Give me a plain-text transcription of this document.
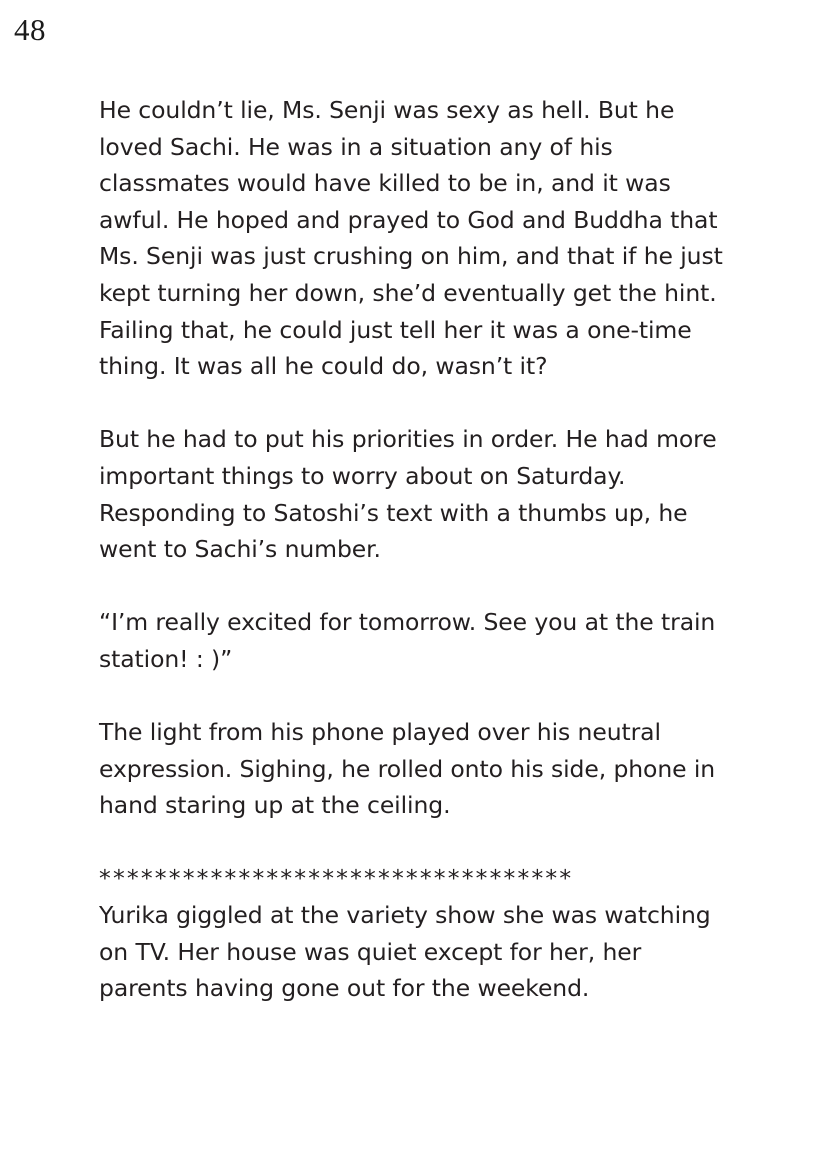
48

He couldn’t lie, Ms. Senji was sexy as hell. But he loved Sachi. He was in a situation any of his classmates would have killed to be in, and it was awful. He hoped and prayed to God and Buddha that Ms. Senji was just crushing on him, and that if he just kept turning her down, she’d eventually get the hint. Failing that, he could just tell her it was a one-time thing. It was all he could do, wasn’t it?

But he had to put his priorities in order. He had more important things to worry about on Saturday. Responding to Satoshi’s text with a thumbs up, he went to Sachi’s number.

“I’m really excited for tomorrow. See you at the train station! : )”

The light from his phone played over his neutral expression. Sighing, he rolled onto his side, phone in hand staring up at the ceiling.

**********************************

Yurika giggled at the variety show she was watching on TV. Her house was quiet except for her, her parents having gone out for the weekend.
